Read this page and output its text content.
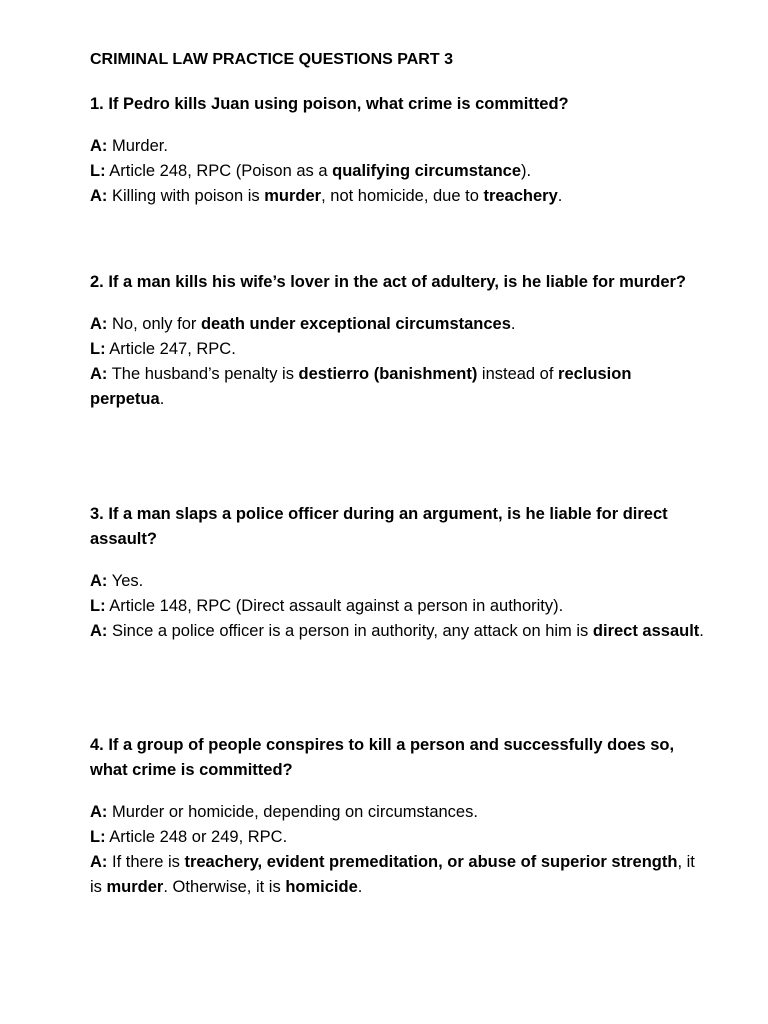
CRIMINAL LAW PRACTICE QUESTIONS PART 3

1. If Pedro kills Juan using poison, what crime is committed?

A: Murder.

L: Article 248, RPC (Poison as a qualifying circumstance).

A: Killing with poison is murder, not homicide, due to treachery.

2. If a man kills his wife’s lover in the act of adultery, is he liable for murder?

A: No, only for death under exceptional circumstances.

L: Article 247, RPC.

A: The husband’s penalty is destierro (banishment) instead of reclusion perpetua.

3. If a man slaps a police officer during an argument, is he liable for direct assault?

A: Yes.

L: Article 148, RPC (Direct assault against a person in authority).

A: Since a police officer is a person in authority, any attack on him is direct assault.

4. If a group of people conspires to kill a person and successfully does so, what crime is committed?

A: Murder or homicide, depending on circumstances.

L: Article 248 or 249, RPC.

A: If there is treachery, evident premeditation, or abuse of superior strength, it is murder. Otherwise, it is homicide.
